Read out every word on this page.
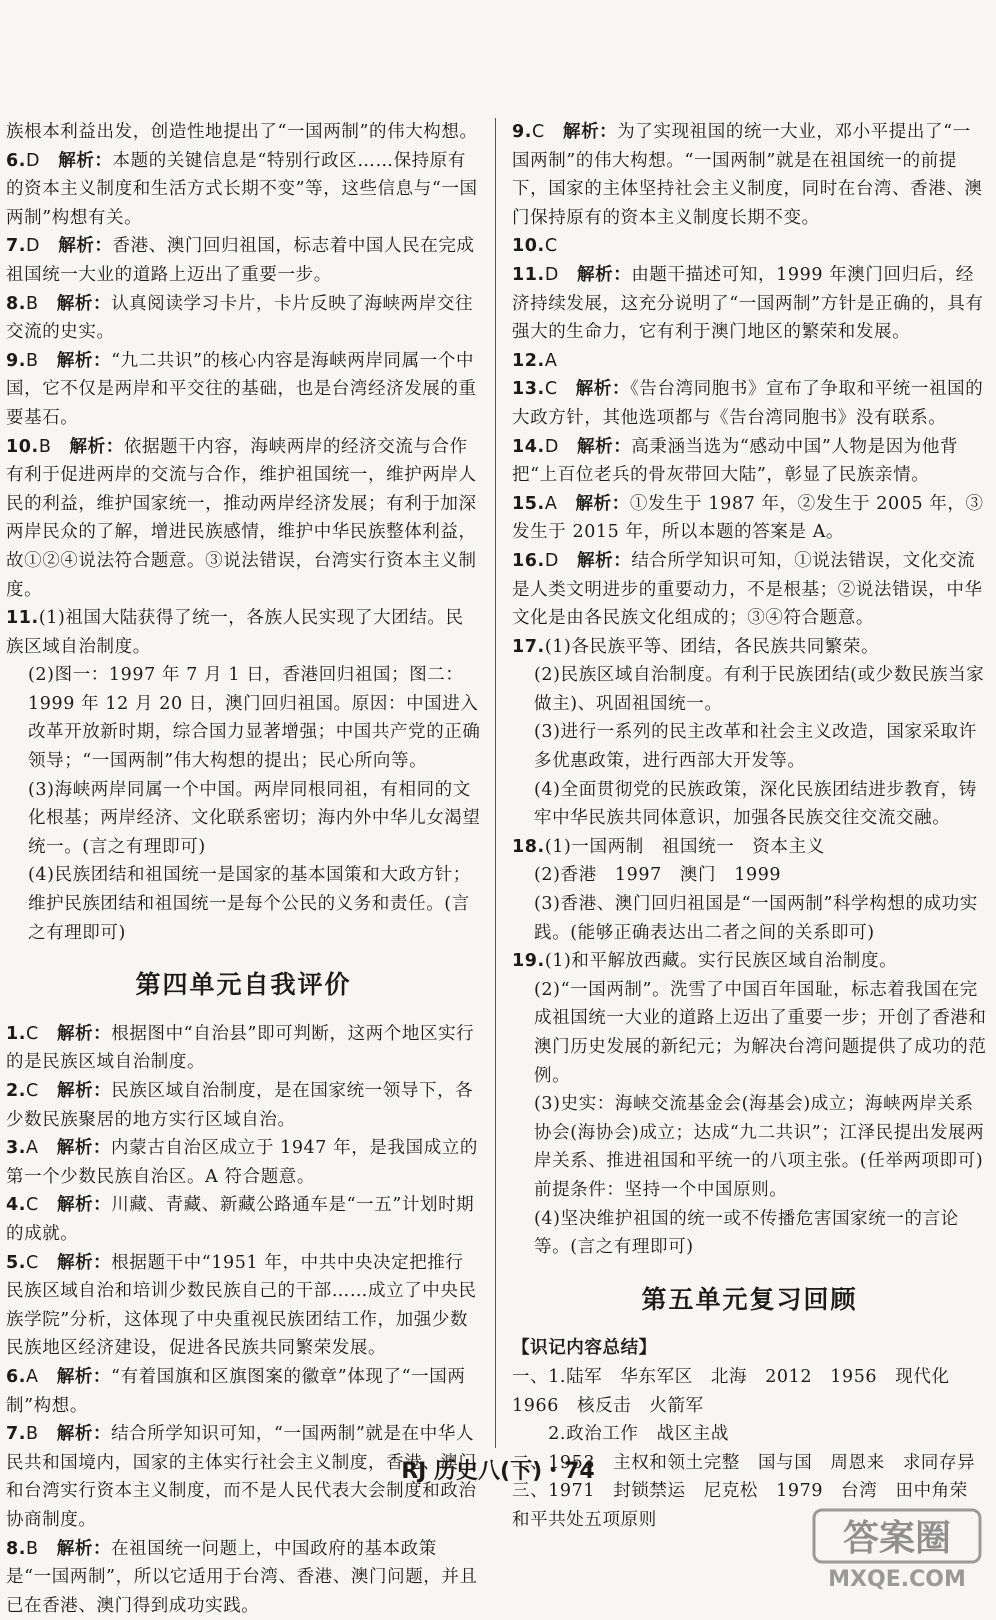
族根本利益出发，创造性地提出了“一国两制”的伟大构想。
6.D  解析：本题的关键信息是“特别行政区……保持原有的资本主义制度和生活方式长期不变”等，这些信息与“一国两制”构想有关。
7.D  解析：香港、澳门回归祖国，标志着中国人民在完成祖国统一大业的道路上迈出了重要一步。
8.B  解析：认真阅读学习卡片，卡片反映了海峡两岸交往交流的史实。
9.B  解析：“九二共识”的核心内容是海峡两岸同属一个中国，它不仅是两岸和平交往的基础，也是台湾经济发展的重要基石。
10.B  解析：依据题干内容，海峡两岸的经济交流与合作有利于促进两岸的交流与合作，维护祖国统一，维护两岸人民的利益，维护国家统一，推动两岸经济发展；有利于加深两岸民众的了解，增进民族感情，维护中华民族整体利益，故①②④说法符合题意。③说法错误，台湾实行资本主义制度。
11.(1)祖国大陆获得了统一，各族人民实现了大团结。民族区域自治制度。
(2)图一：1997 年 7 月 1 日，香港回归祖国；图二：1999 年 12 月 20 日，澳门回归祖国。原因：中国进入改革开放新时期，综合国力显著增强；中国共产党的正确领导；“一国两制”伟大构想的提出；民心所向等。
(3)海峡两岸同属一个中国。两岸同根同祖，有相同的文化根基；两岸经济、文化联系密切；海内外中华儿女渴望统一。(言之有理即可)
(4)民族团结和祖国统一是国家的基本国策和大政方针；维护民族团结和祖国统一是每个公民的义务和责任。(言之有理即可)
第四单元自我评价
1.C  解析：根据图中“自治县”即可判断，这两个地区实行的是民族区域自治制度。
2.C  解析：民族区域自治制度，是在国家统一领导下，各少数民族聚居的地方实行区域自治。
3.A  解析：内蒙古自治区成立于 1947 年，是我国成立的第一个少数民族自治区。A 符合题意。
4.C  解析：川藏、青藏、新藏公路通车是“一五”计划时期的成就。
5.C  解析：根据题干中“1951 年，中共中央决定把推行民族区域自治和培训少数民族自己的干部……成立了中央民族学院”分析，这体现了中央重视民族团结工作，加强少数民族地区经济建设，促进各民族共同繁荣发展。
6.A  解析：“有着国旗和区旗图案的徽章”体现了“一国两制”构想。
7.B  解析：结合所学知识可知，“一国两制”就是在中华人民共和国境内，国家的主体实行社会主义制度，香港、澳门和台湾实行资本主义制度，而不是人民代表大会制度和政治协商制度。
8.B  解析：在祖国统一问题上，中国政府的基本政策是“一国两制”，所以它适用于台湾、香港、澳门问题，并且已在香港、澳门得到成功实践。
9.C  解析：为了实现祖国的统一大业，邓小平提出了“一国两制”的伟大构想。“一国两制”就是在祖国统一的前提下，国家的主体坚持社会主义制度，同时在台湾、香港、澳门保持原有的资本主义制度长期不变。
10.C 
11.D  解析：由题干描述可知，1999 年澳门回归后，经济持续发展，这充分说明了“一国两制”方针是正确的，具有强大的生命力，它有利于澳门地区的繁荣和发展。
12.A 
13.C  解析：《告台湾同胞书》宣布了争取和平统一祖国的大政方针，其他选项都与《告台湾同胞书》没有联系。
14.D  解析：高秉涵当选为“感动中国”人物是因为他背把“上百位老兵的骨灰带回大陆”，彰显了民族亲情。
15.A  解析：①发生于 1987 年，②发生于 2005 年，③发生于 2015 年，所以本题的答案是 A。
16.D  解析：结合所学知识可知，①说法错误，文化交流是人类文明进步的重要动力，不是根基；②说法错误，中华文化是由各民族文化组成的；③④符合题意。
17.(1)各民族平等、团结，各民族共同繁荣。
(2)民族区域自治制度。有利于民族团结(或少数民族当家做主)、巩固祖国统一。
(3)进行一系列的民主改革和社会主义改造，国家采取许多优惠政策，进行西部大开发等。
(4)全面贯彻党的民族政策，深化民族团结进步教育，铸牢中华民族共同体意识，加强各民族交往交流交融。
18.(1)一国两制　祖国统一　资本主义
(2)香港　1997　澳门　1999
(3)香港、澳门回归祖国是“一国两制”科学构想的成功实践。(能够正确表达出二者之间的关系即可)
19.(1)和平解放西藏。实行民族区域自治制度。
(2)“一国两制”。洗雪了中国百年国耻，标志着我国在完成祖国统一大业的道路上迈出了重要一步；开创了香港和澳门历史发展的新纪元；为解决台湾问题提供了成功的范例。
(3)史实：海峡交流基金会(海基会)成立；海峡两岸关系协会(海协会)成立；达成“九二共识”；江泽民提出发展两岸关系、推进祖国和平统一的八项主张。(任举两项即可)前提条件：坚持一个中国原则。
(4)坚决维护祖国的统一或不传播危害国家统一的言论等。(言之有理即可)
第五单元复习回顾
【识记内容总结】
一、1.陆军　华东军区　北海　2012　1956　现代化　1966　核反击　火箭军
　　2.政治工作　战区主战
二、1953　主权和领土完整　国与国　周恩来　求同存异
三、1971　封锁禁运　尼克松　1979　台湾　田中角荣　和平共处五项原则
RJ 历史八(下)・74
答案圈
MXQE.COM
